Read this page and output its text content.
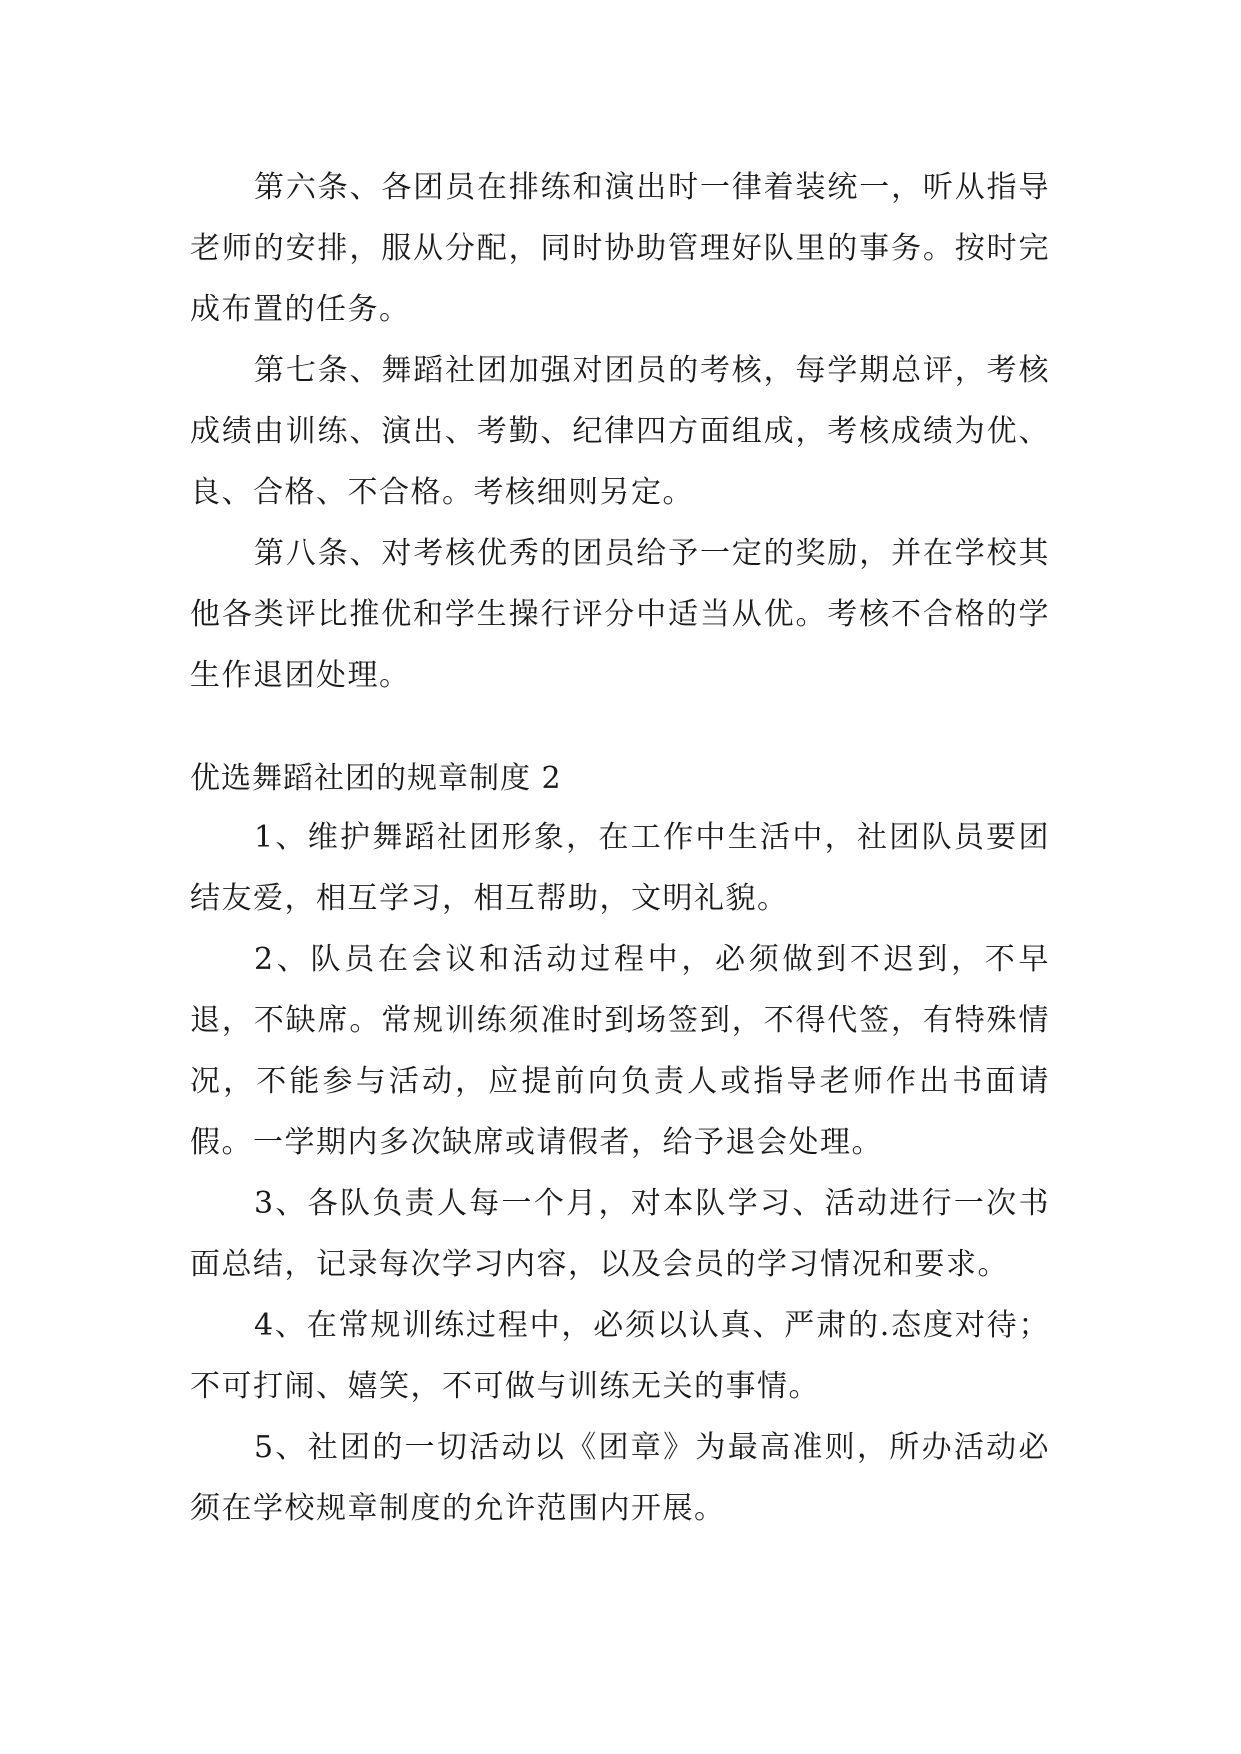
第六条、各团员在排练和演出时一律着装统一，听从指导老师的安排，服从分配，同时协助管理好队里的事务。按时完成布置的任务。

第七条、舞蹈社团加强对团员的考核，每学期总评，考核成绩由训练、演出、考勤、纪律四方面组成，考核成绩为优、良、合格、不合格。考核细则另定。

第八条、对考核优秀的团员给予一定的奖励，并在学校其他各类评比推优和学生操行评分中适当从优。考核不合格的学生作退团处理。

优选舞蹈社团的规章制度 2

1、维护舞蹈社团形象，在工作中生活中，社团队员要团结友爱，相互学习，相互帮助，文明礼貌。

2、队员在会议和活动过程中，必须做到不迟到，不早退，不缺席。常规训练须准时到场签到，不得代签，有特殊情况，不能参与活动，应提前向负责人或指导老师作出书面请假。一学期内多次缺席或请假者，给予退会处理。

3、各队负责人每一个月，对本队学习、活动进行一次书面总结，记录每次学习内容，以及会员的学习情况和要求。

4、在常规训练过程中，必须以认真、严肃的.态度对待；不可打闹、嬉笑，不可做与训练无关的事情。

5、社团的一切活动以《团章》为最高准则，所办活动必须在学校规章制度的允许范围内开展。
